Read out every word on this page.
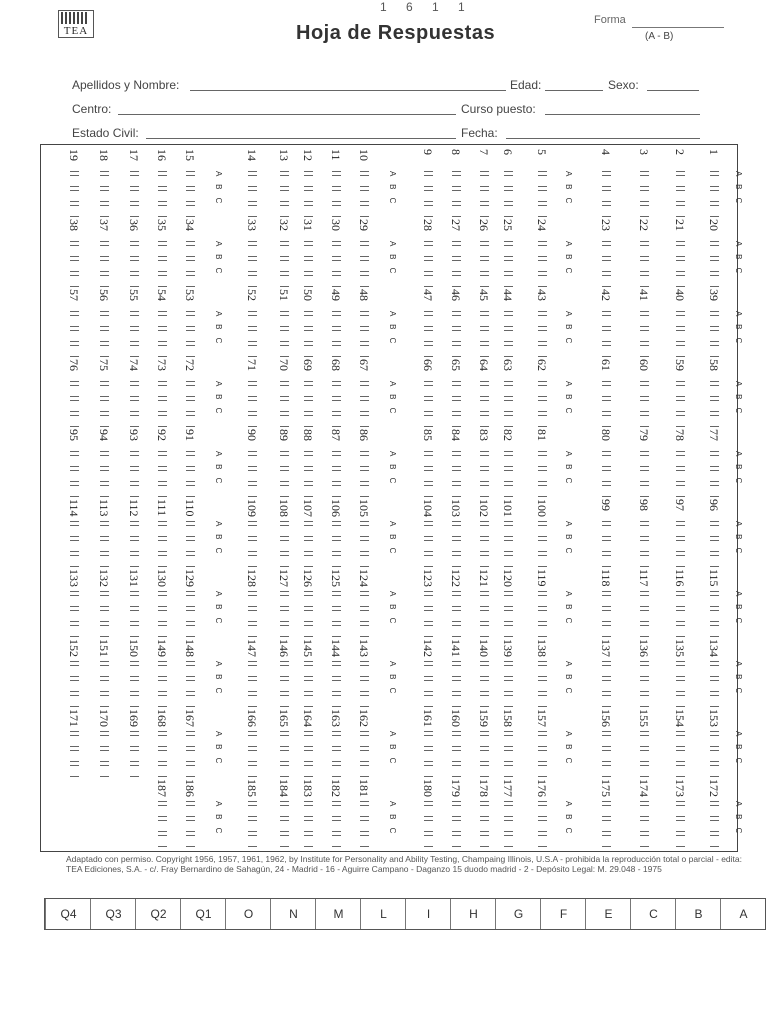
TEA
1 6 1 1
Hoja de Respuestas
Forma
(A - B)
Apellidos y Nombre:	Edad:	Sexo:
Centro:	Curso puesto:
Estado Civil:	Fecha:
1
2
3
4
5
6
7
8
9
10
11
12
13
14
15
16
17
18
19
A B C
A B C
A B C
A B C
20
21
22
23
24
25
26
27
28
29
30
31
32
33
34
35
36
37
38
A B C
A B C
A B C
A B C
39
40
41
42
43
44
45
46
47
48
49
50
51
52
53
54
55
56
57
A B C
A B C
A B C
A B C
58
59
60
61
62
63
64
65
66
67
68
69
70
71
72
73
74
75
76
A B C
A B C
A B C
A B C
77
78
79
80
81
82
83
84
85
86
87
88
89
90
91
92
93
94
95
A B C
A B C
A B C
A B C
96
97
98
99
100
101
102
103
104
105
106
107
108
109
110
111
112
113
114
A B C
A B C
A B C
A B C
115
116
117
118
119
120
121
122
123
124
125
126
127
128
129
130
131
132
133
A B C
A B C
A B C
A B C
134
135
136
137
138
139
140
141
142
143
144
145
146
147
148
149
150
151
152
A B C
A B C
A B C
A B C
153
154
155
156
157
158
159
160
161
162
163
164
165
166
167
168
169
170
171
A B C
A B C
A B C
A B C
172
173
174
175
176
177
178
179
180
181
182
183
184
185
186
187
A B C
A B C
A B C
A B C
Adaptado con permiso. Copyright 1956, 1957, 1961, 1962, by Institute for Personality and Ability Testing, Champaing Illinois, U.S.A - prohibida la reproducción total o parcial - edita: TEA Ediciones, S.A. - c/. Fray Bernardino de Sahagún, 24 - Madrid - 16 - Aguirre Campano - Daganzo 15 duodo madrid - 2 - Depósito Legal: M. 29.048 - 1975
A
B
C
E
F
G
H
I
L
M
N
O
Q1
Q2
Q3
Q4
